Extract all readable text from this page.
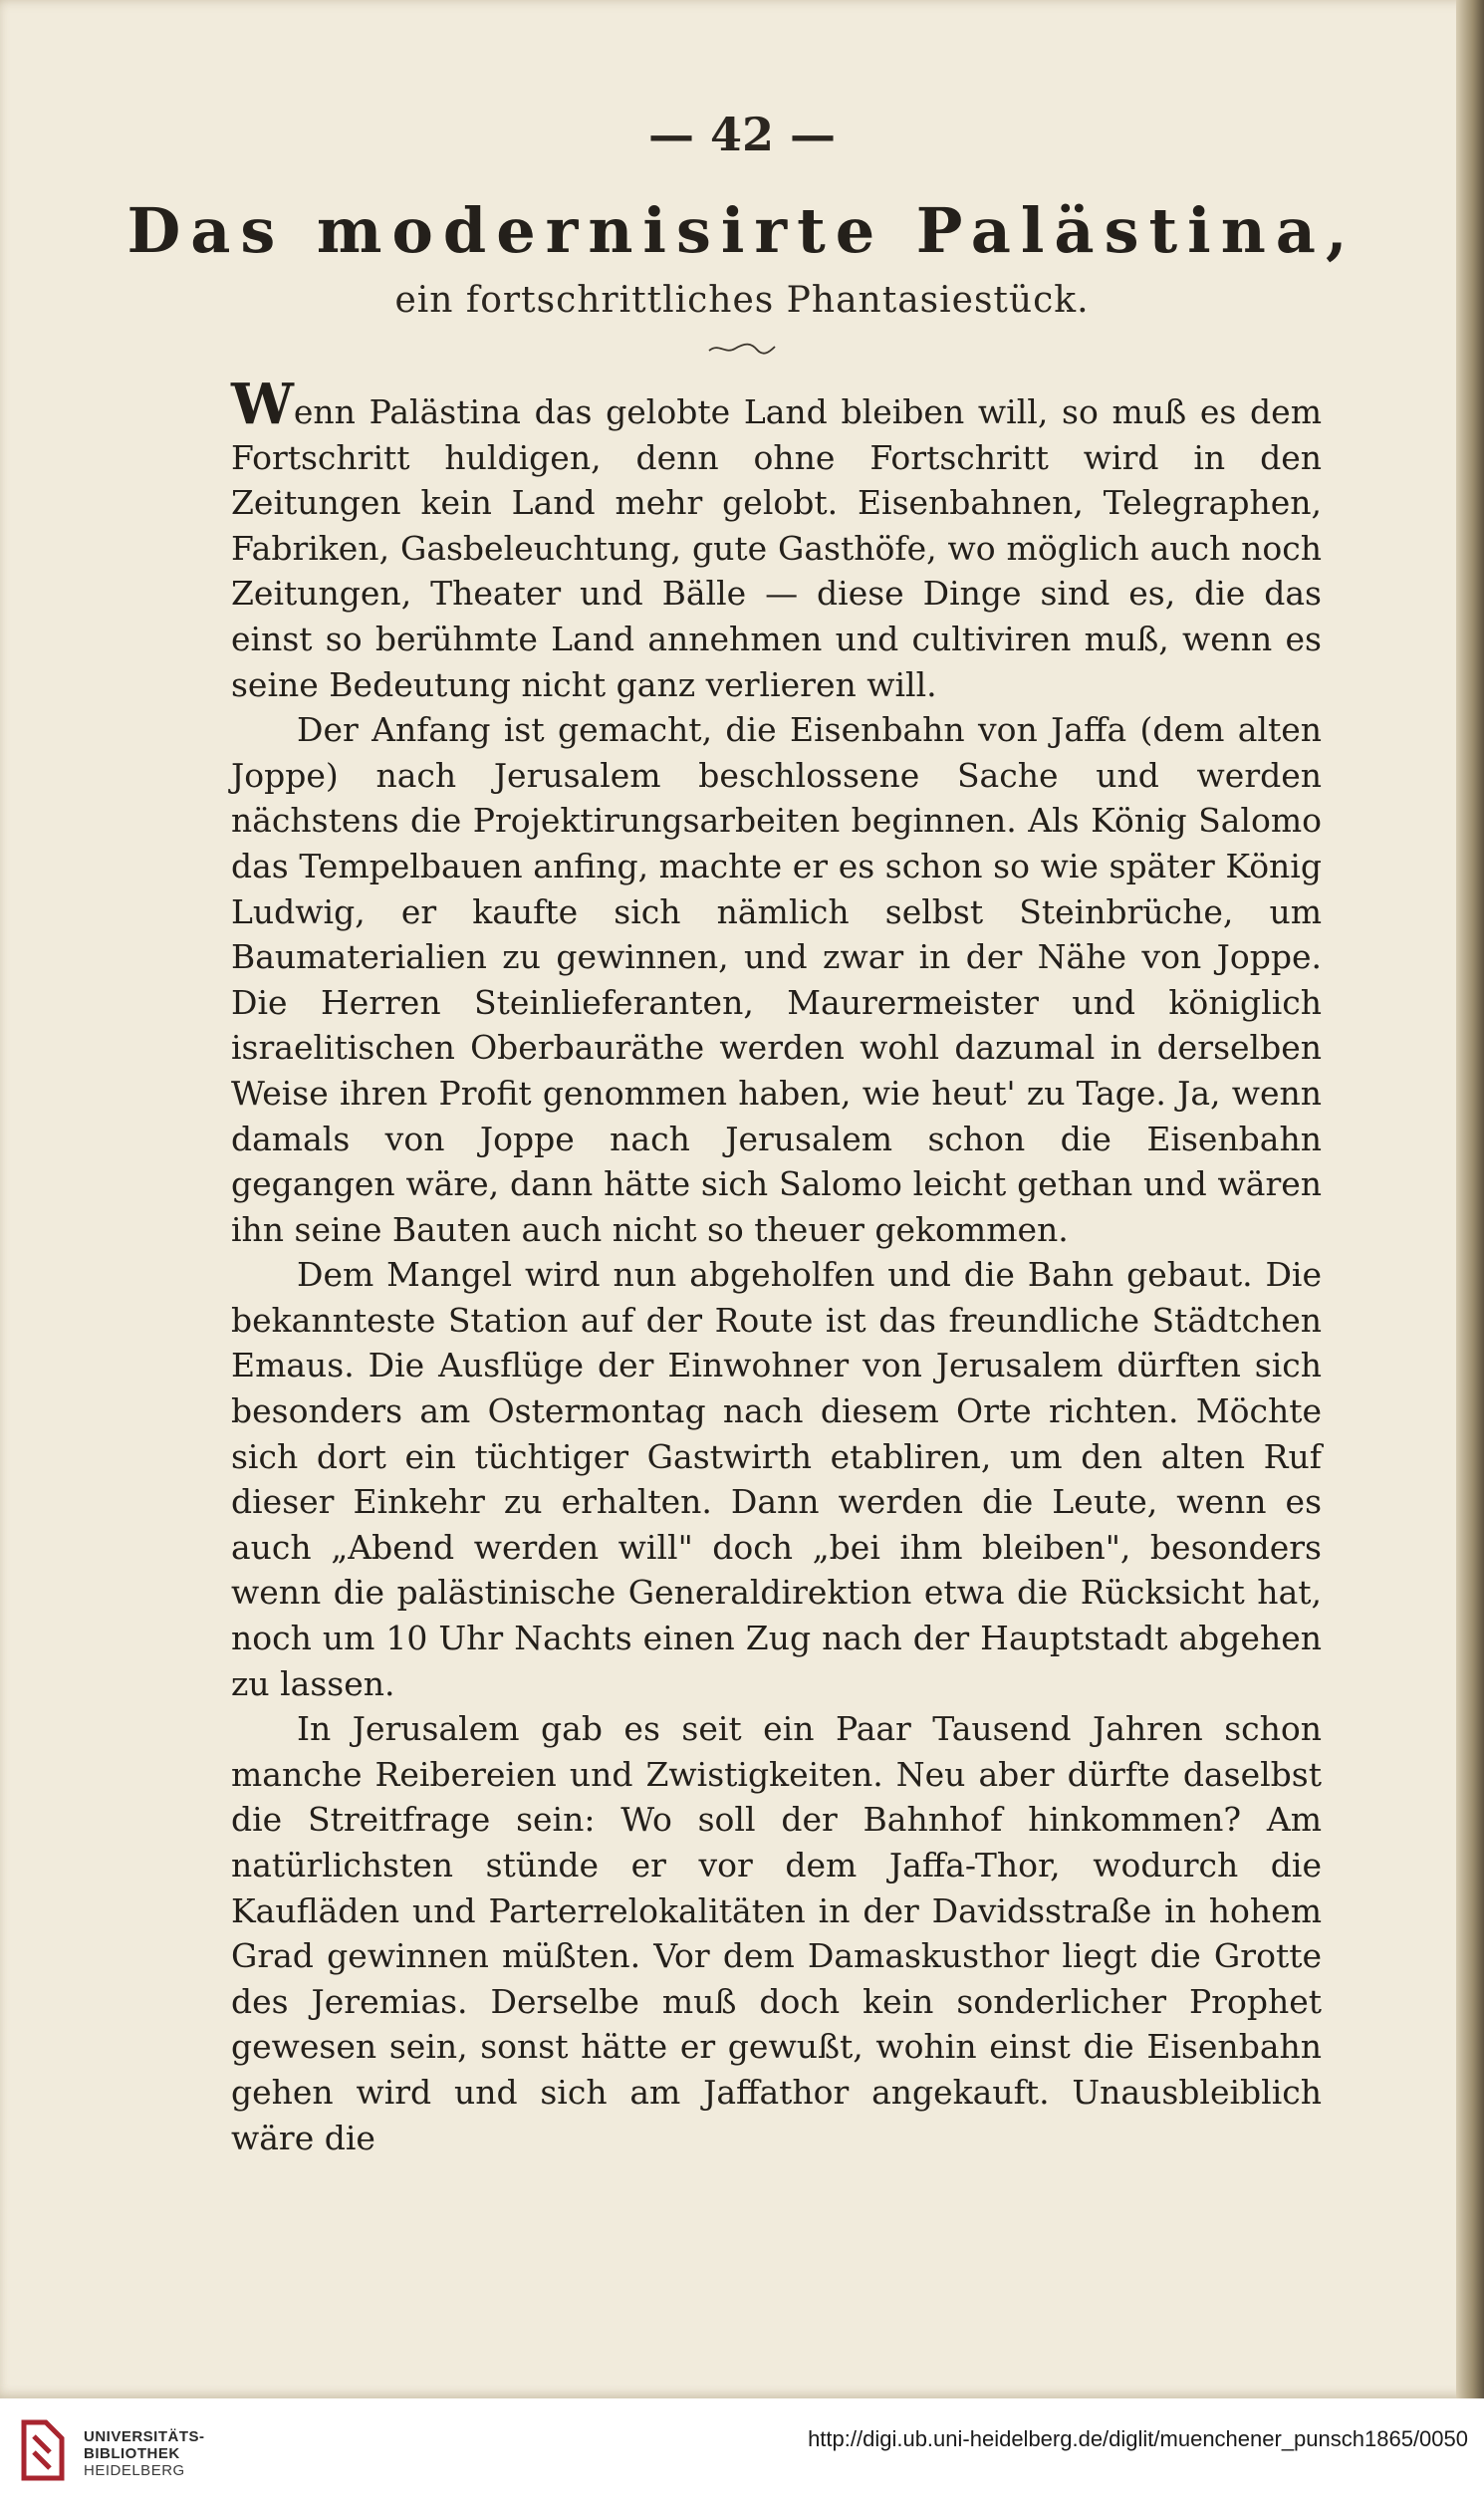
— 42 —
Das modernisirte Palästina,
ein fortschrittliches Phantasiestück.

Wenn Palästina das gelobte Land bleiben will, so muß es dem Fortschritt huldigen, denn ohne Fortschritt wird in den Zeitungen kein Land mehr gelobt. Eisenbahnen, Telegraphen, Fabriken, Gasbeleuchtung, gute Gasthöfe, wo möglich auch noch Zeitungen, Theater und Bälle — diese Dinge sind es, die das einst so berühmte Land annehmen und cultiviren muß, wenn es seine Bedeutung nicht ganz verlieren will.

Der Anfang ist gemacht, die Eisenbahn von Jaffa (dem alten Joppe) nach Jerusalem beschlossene Sache und werden nächstens die Projektirungsarbeiten beginnen. Als König Salomo das Tempelbauen anfing, machte er es schon so wie später König Ludwig, er kaufte sich nämlich selbst Steinbrüche, um Baumaterialien zu gewinnen, und zwar in der Nähe von Joppe. Die Herren Steinlieferanten, Maurermeister und königlich israelitischen Oberbauräthe werden wohl dazumal in derselben Weise ihren Profit genommen haben, wie heut' zu Tage. Ja, wenn damals von Joppe nach Jerusalem schon die Eisenbahn gegangen wäre, dann hätte sich Salomo leicht gethan und wären ihn seine Bauten auch nicht so theuer gekommen.

Dem Mangel wird nun abgeholfen und die Bahn gebaut. Die bekannteste Station auf der Route ist das freundliche Städtchen Emaus. Die Ausflüge der Einwohner von Jerusalem dürften sich besonders am Ostermontag nach diesem Orte richten. Möchte sich dort ein tüchtiger Gastwirth etabliren, um den alten Ruf dieser Einkehr zu erhalten. Dann werden die Leute, wenn es auch „Abend werden will" doch „bei ihm bleiben", besonders wenn die palästinische Generaldirektion etwa die Rücksicht hat, noch um 10 Uhr Nachts einen Zug nach der Hauptstadt abgehen zu lassen.

In Jerusalem gab es seit ein Paar Tausend Jahren schon manche Reibereien und Zwistigkeiten. Neu aber dürfte daselbst die Streitfrage sein: Wo soll der Bahnhof hinkommen? Am natürlichsten stünde er vor dem Jaffa-Thor, wodurch die Kaufläden und Parterrelokalitäten in der Davidsstraße in hohem Grad gewinnen müßten. Vor dem Damaskusthor liegt die Grotte des Jeremias. Derselbe muß doch kein sonderlicher Prophet gewesen sein, sonst hätte er gewußt, wohin einst die Eisenbahn gehen wird und sich am Jaffathor angekauft. Unausbleiblich wäre die

UNIVERSITÄTS-
BIBLIOTHEK
HEIDELBERG
http://digi.ub.uni-heidelberg.de/diglit/muenchener_punsch1865/0050
